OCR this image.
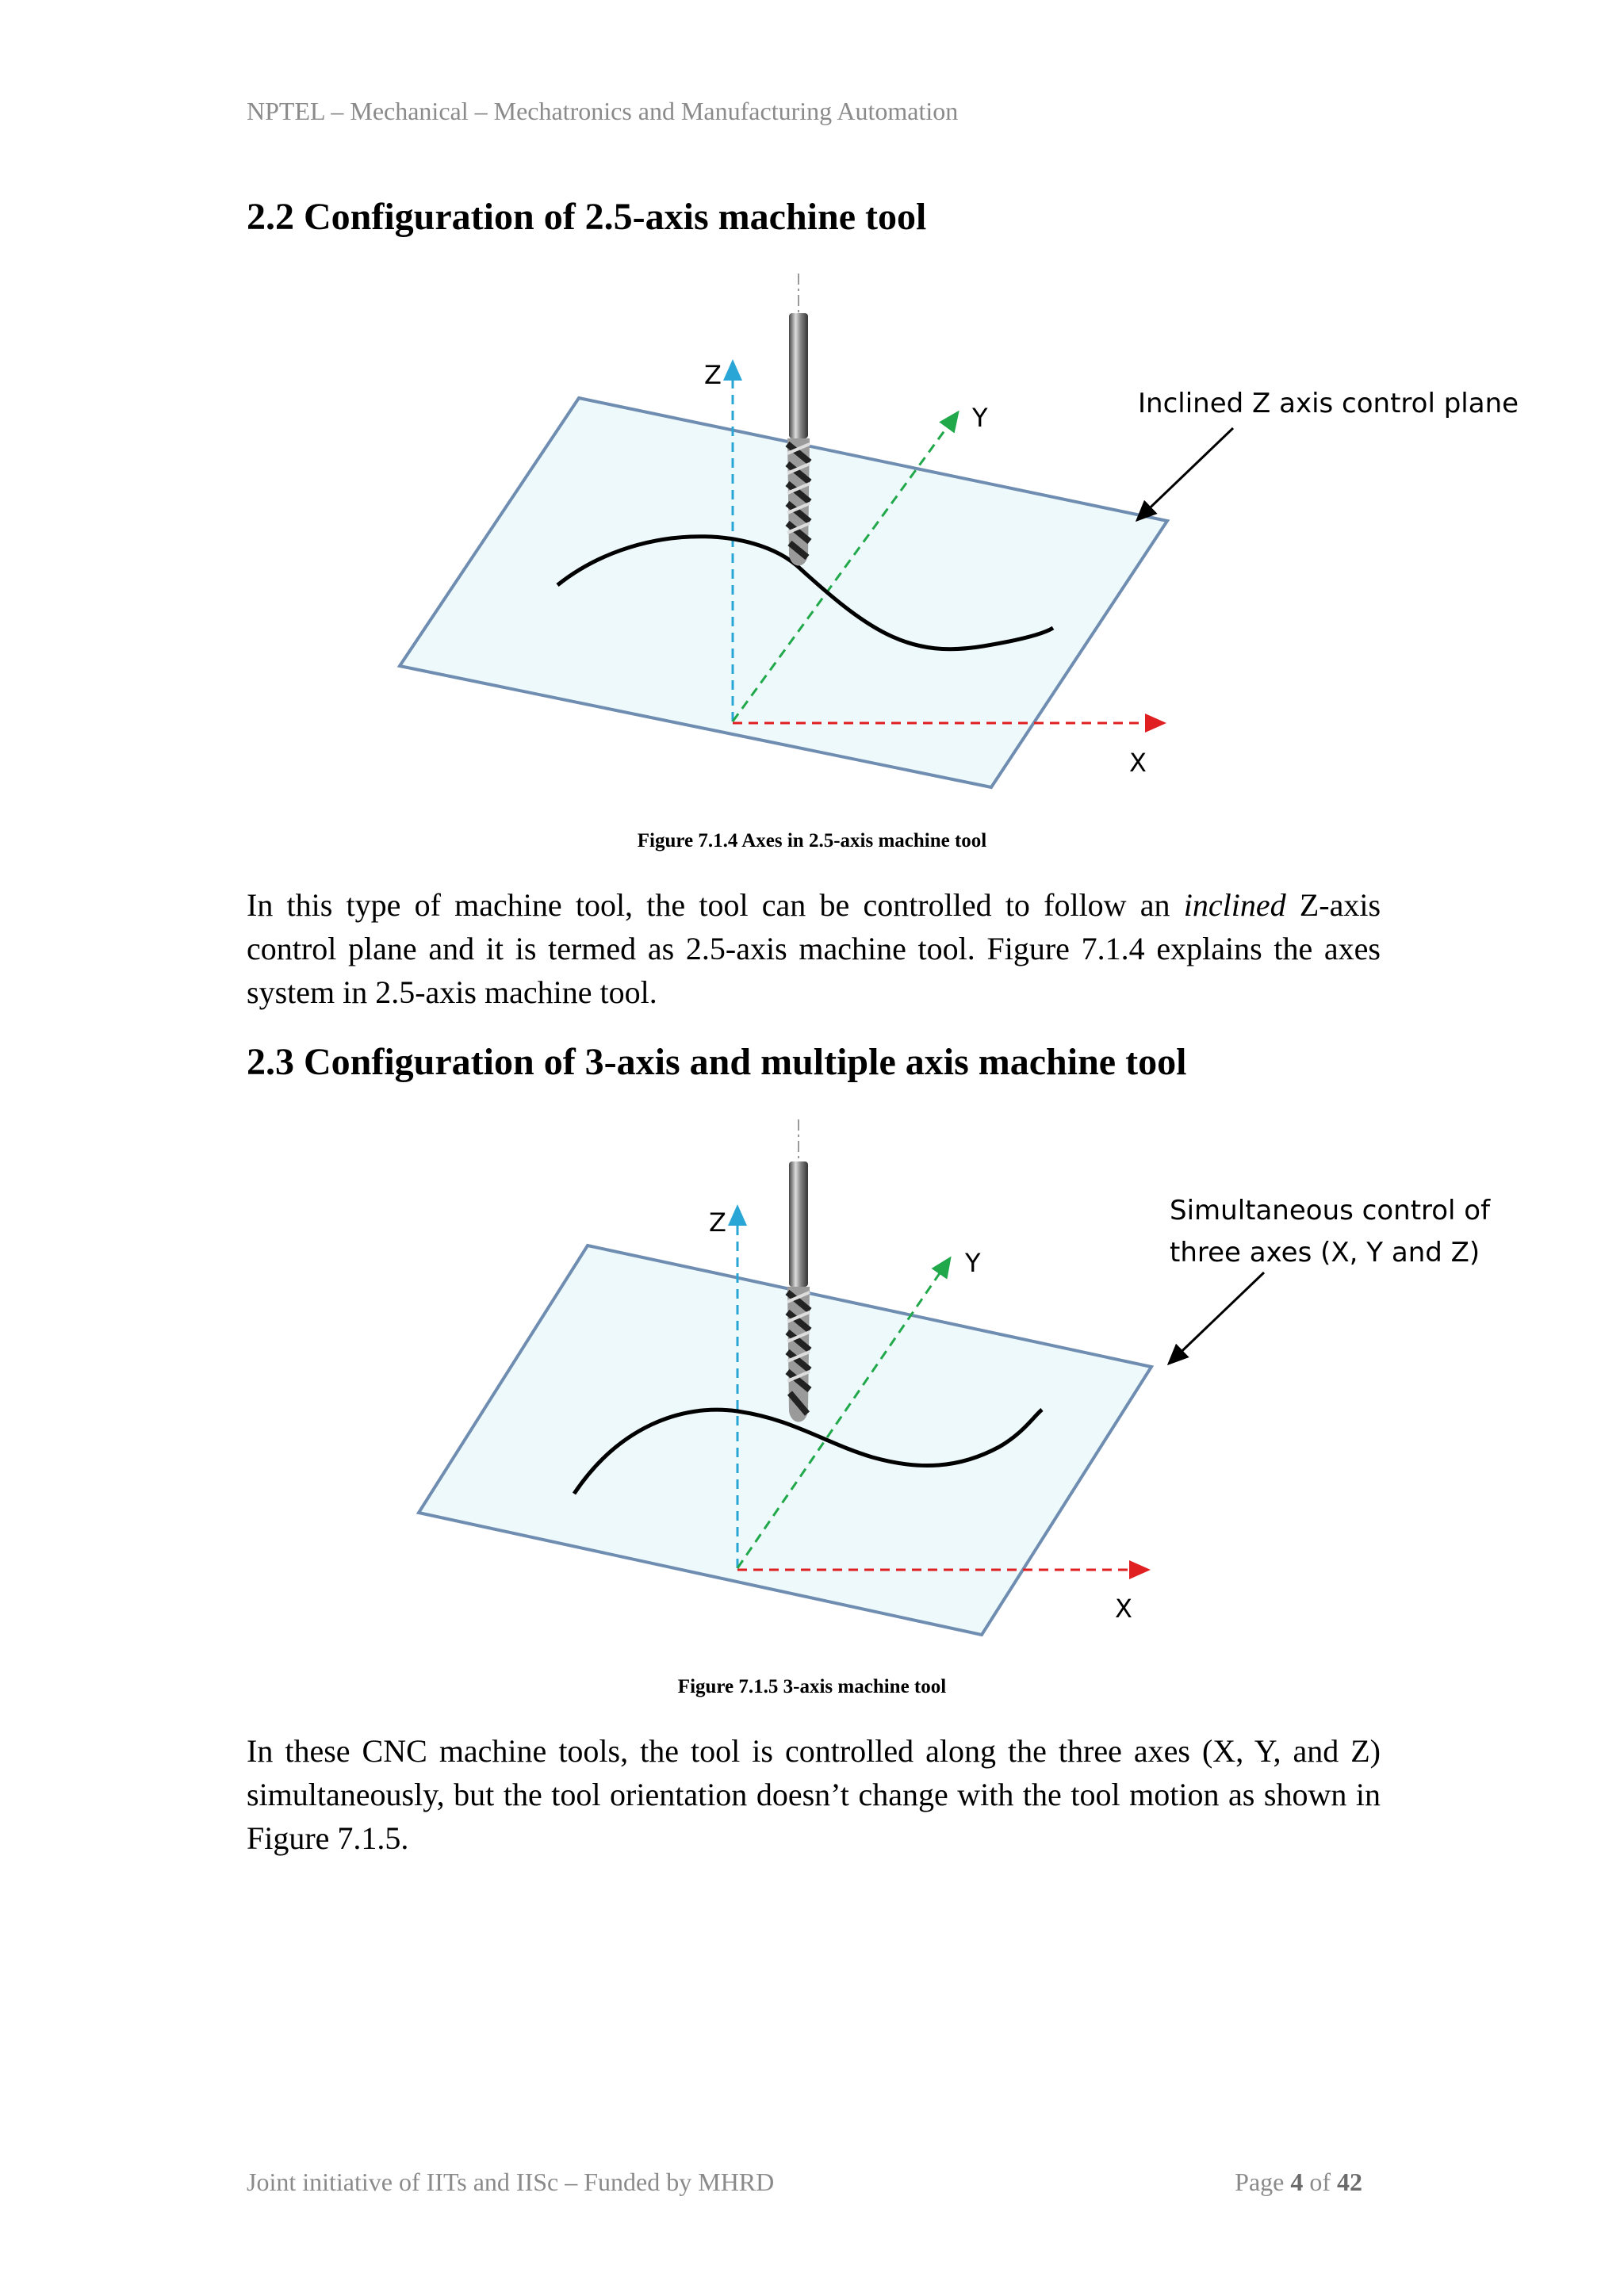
NPTEL – Mechanical – Mechatronics and Manufacturing Automation
2.2 Configuration of 2.5-axis machine tool
Z
Y
X
Inclined Z axis control plane
Figure 7.1.4 Axes in 2.5-axis machine tool
In this type of machine tool, the tool can be controlled to follow an inclined Z-axis control plane and it is termed as 2.5-axis machine tool. Figure 7.1.4 explains the axes system in 2.5-axis machine tool.
2.3 Configuration of 3-axis and multiple axis machine tool
Z
Y
X
Simultaneous control of
three axes (X, Y and Z)
Figure 7.1.5 3-axis machine tool
In these CNC machine tools, the tool is controlled along the three axes (X, Y, and Z) simultaneously, but the tool orientation doesn’t change with the tool motion as shown in Figure 7.1.5.
Joint initiative of IITs and IISc – Funded by MHRD	Page 4 of 42
